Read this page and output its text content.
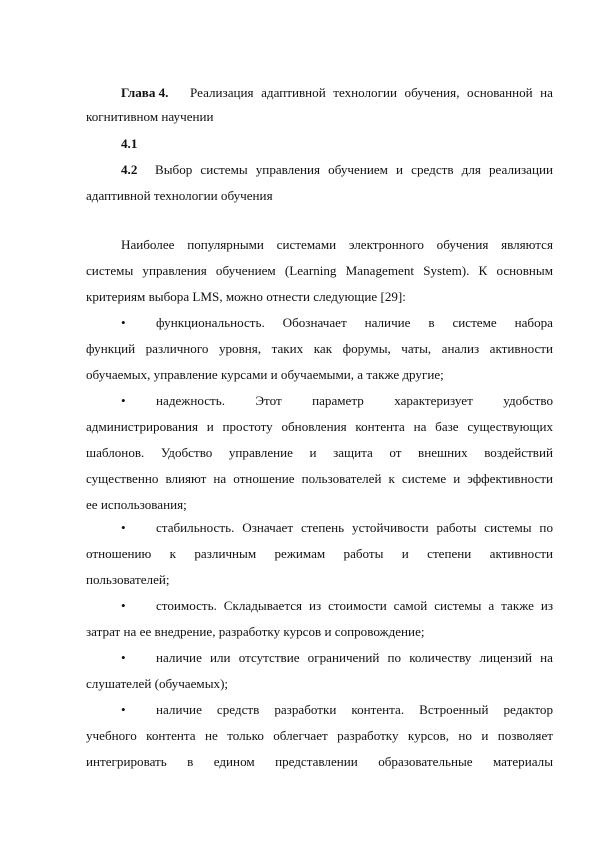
Глава 4. Реализация адаптивной технологии обучения, основанной на
когнитивном научении
4.1
4.2 Выбор системы управления обучением и средств для реализации
адаптивной технологии обучения
Наиболее популярными системами электронного обучения являются
системы управления обучением (Learning Management System). К основным
критериям выбора LMS, можно отнести следующие [29]:
•	функциональность. Обозначает наличие в системе набора
функций различного уровня, таких как форумы, чаты, анализ активности
обучаемых, управление курсами и обучаемыми, а также другие;
•	надежность. Этот параметр характеризует удобство
администрирования и простоту обновления контента на базе существующих
шаблонов. Удобство управление и защита от внешних воздействий
существенно влияют на отношение пользователей к системе и эффективности
ее использования;
•	стабильность. Означает степень устойчивости работы системы по
отношению к различным режимам работы и степени активности
пользователей;
•	стоимость. Складывается из стоимости самой системы а также из
затрат на ее внедрение, разработку курсов и сопровождение;
•	наличие или отсутствие ограничений по количеству лицензий на
слушателей (обучаемых);
•	наличие средств разработки контента. Встроенный редактор
учебного контента не только облегчает разработку курсов, но и позволяет
интегрировать в едином представлении образовательные материалы
